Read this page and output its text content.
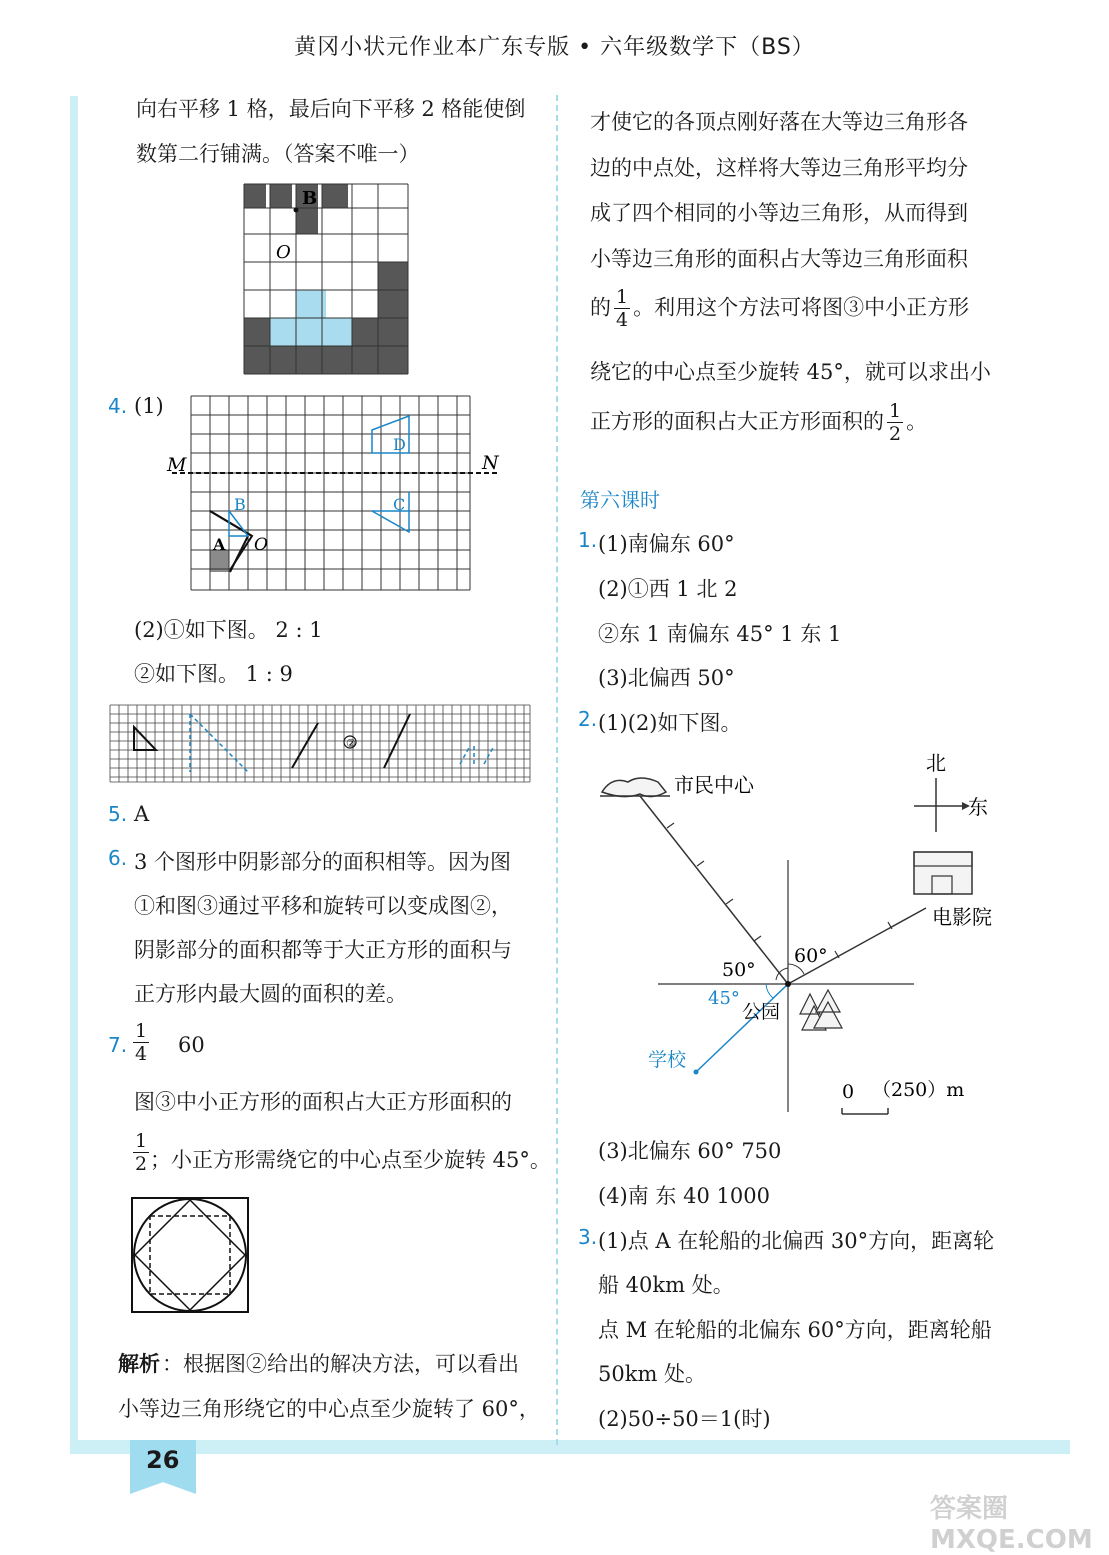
黄冈小状元作业本广东专版 • 六年级数学下（BS）
向右平移 1 格，最后向下平移 2 格能使倒
数第二行铺满。（答案不唯一）
B
O
4. (1)
M	N
A
B	C
D
O
(2)①如下图。 2 : 1
②如下图。 1 : 9
②
5. A
6. 3 个图形中阴影部分的面积相等。因为图
①和图③通过平移和旋转可以变成图②，
阴影部分的面积都等于大正方形的面积与
正方形内最大圆的面积的差。
7. $\frac{1}{4} 60$
图③中小正方形的面积占大正方形面积的
$\frac{1}{2}$ ；小正方形需绕它的中心点至少旋转 45°。
解析 ：根据图②给出的解决方法，可以看出
小等边三角形绕它的中心点至少旋转了 60°，
才使它的各顶点刚好落在大等边三角形各
边的中点处，这样将大等边三角形平均分
成了四个相同的小等边三角形，从而得到
小等边三角形的面积占大等边三角形面积
的 $\frac{1}{4}$ 。利用这个方法可将图③中小正方形
绕它的中心点至少旋转 45°，就可以求出小
正方形的面积占大正方形面积的 $\frac{1}{2}$ 。
第六课时
1. (1)南偏东 60°
(2)①西 1 北 2
②东 1 南偏东 45° 1 东 1
(3)北偏西 50°
2. (1)(2)如下图。
北
东
市民中心
电影院
公园
学校
60°
50°
45°
0 （250）m
(3)北偏东 60° 750
(4)南 东 40 1000
3. (1)点 A 在轮船的北偏西 30°方向，距离轮
船 40km 处。
点 M 在轮船的北偏东 60°方向，距离轮船
50km 处。
(2)50÷50＝1(时)
26
答案圈 MXQE.COM
